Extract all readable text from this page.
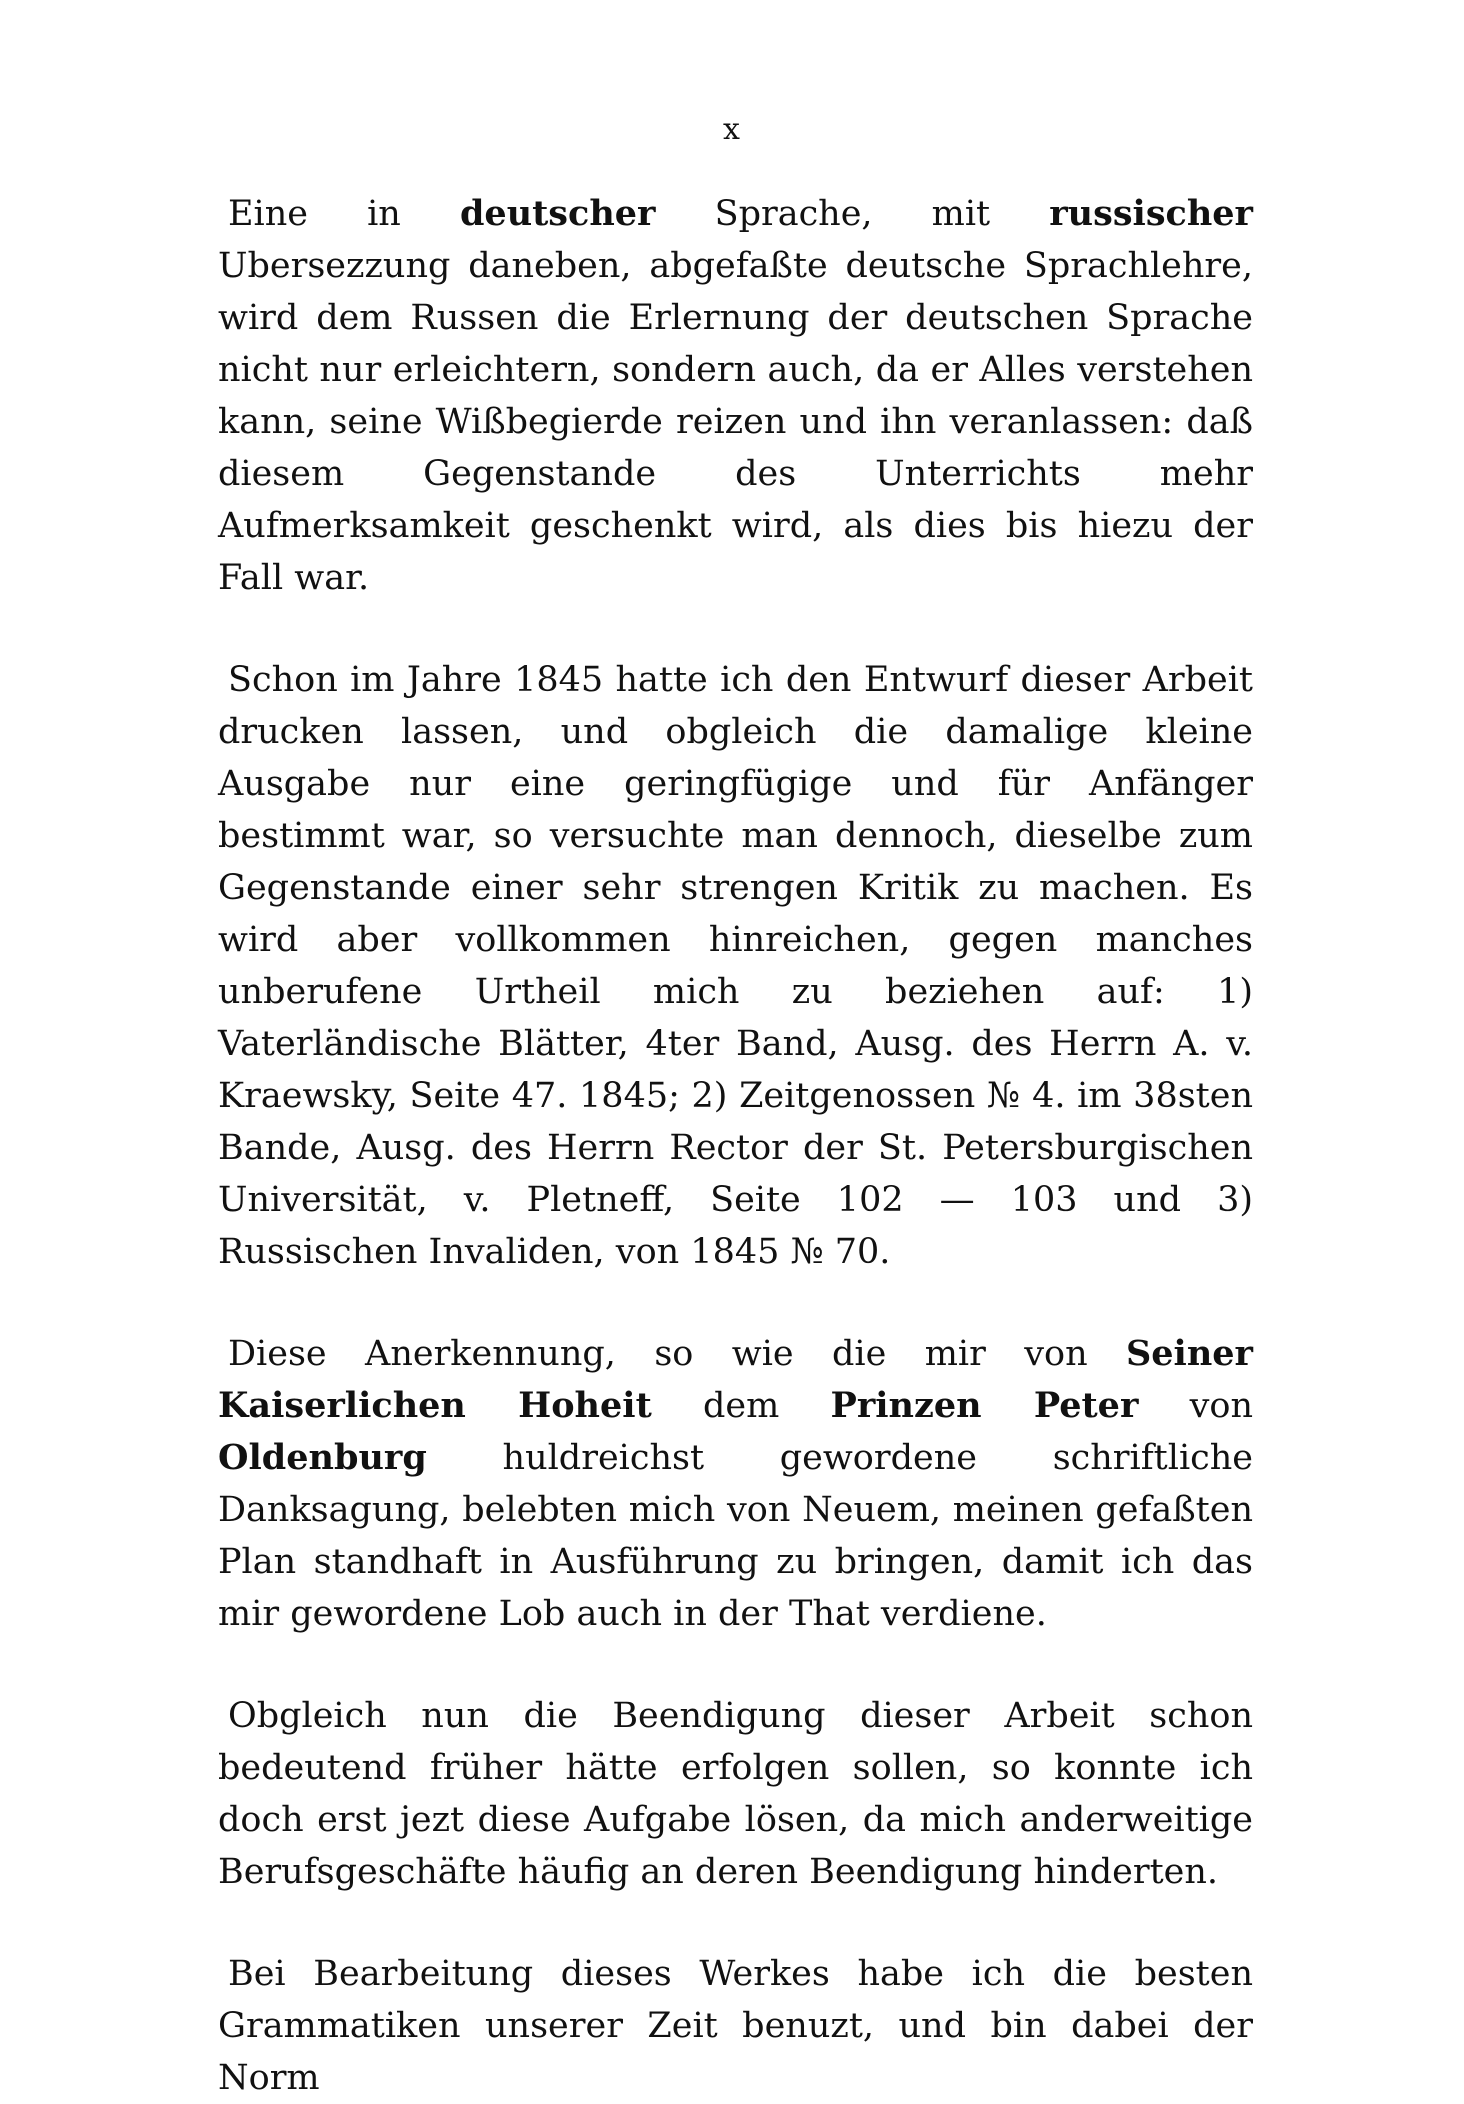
x

Eine in deutscher Sprache, mit russischer Ubersezzung daneben, abgefaßte deutsche Sprachlehre, wird dem Russen die Erlernung der deutschen Sprache nicht nur erleichtern, sondern auch, da er Alles verstehen kann, seine Wißbegierde reizen und ihn veranlassen: daß diesem Gegenstande des Unterrichts mehr Aufmerksamkeit geschenkt wird, als dies bis hiezu der Fall war.

Schon im Jahre 1845 hatte ich den Entwurf dieser Arbeit drucken lassen, und obgleich die damalige kleine Ausgabe nur eine geringfügige und für Anfänger bestimmt war, so versuchte man dennoch, dieselbe zum Gegenstande einer sehr strengen Kritik zu machen. Es wird aber vollkommen hinreichen, gegen manches unberufene Urtheil mich zu beziehen auf: 1) Vaterländische Blätter, 4ter Band, Ausg. des Herrn A. v. Kraewsky, Seite 47. 1845; 2) Zeitgenossen № 4. im 38sten Bande, Ausg. des Herrn Rector der St. Petersburgischen Universität, v. Pletneff, Seite 102 — 103 und 3) Russischen Invaliden, von 1845 № 70.

Diese Anerkennung, so wie die mir von Seiner Kaiserlichen Hoheit dem Prinzen Peter von Oldenburg huldreichst gewordene schriftliche Danksagung, belebten mich von Neuem, meinen gefaßten Plan standhaft in Ausführung zu bringen, damit ich das mir gewordene Lob auch in der That verdiene.

Obgleich nun die Beendigung dieser Arbeit schon bedeutend früher hätte erfolgen sollen, so konnte ich doch erst jezt diese Aufgabe lösen, da mich anderweitige Berufsgeschäfte häufig an deren Beendigung hinderten.

Bei Bearbeitung dieses Werkes habe ich die besten Grammatiken unserer Zeit benuzt, und bin dabei der Norm
